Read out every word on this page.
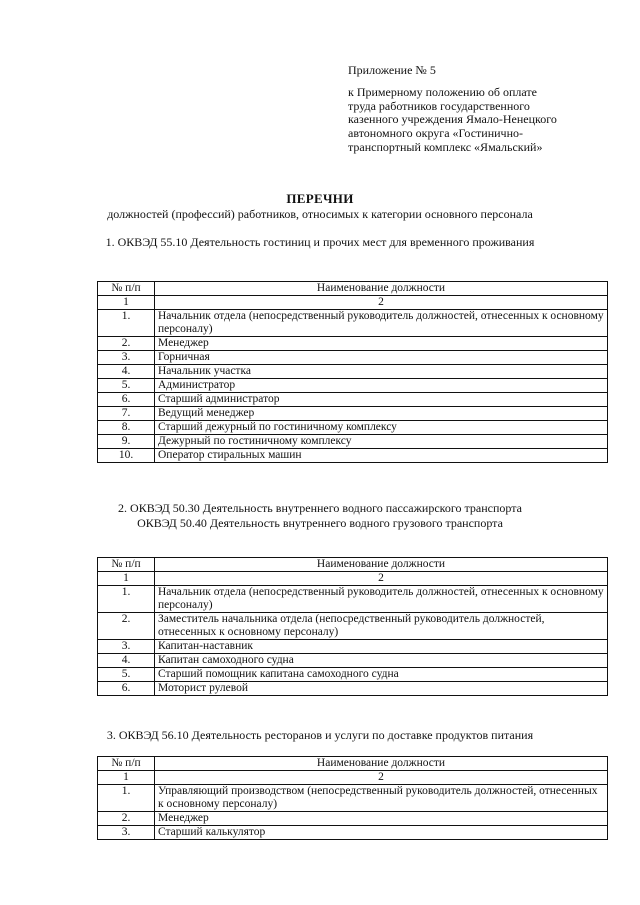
Приложение № 5
к Примерному положению об оплате
труда работников государственного
казенного учреждения Ямало-Ненецкого
автономного округа «Гостинично-
транспортный комплекс «Ямальский»
ПЕРЕЧНИ
должностей (профессий) работников, относимых к категории основного персонала
1. ОКВЭД 55.10 Деятельность гостиниц и прочих мест для временного проживания
№ п/п	Наименование должности
1	2
1.	Начальник отдела (непосредственный руководитель должностей, отнесенных к основному персоналу)
2.	Менеджер
3.	Горничная
4.	Начальник участка
5.	Администратор
6.	Старший администратор
7.	Ведущий менеджер
8.	Старший дежурный по гостиничному комплексу
9.	Дежурный по гостиничному комплексу
10.	Оператор стиральных машин
2. ОКВЭД 50.30 Деятельность внутреннего водного пассажирского транспорта
ОКВЭД 50.40 Деятельность внутреннего водного грузового транспорта
№ п/п	Наименование должности
1	2
1.	Начальник отдела (непосредственный руководитель должностей, отнесенных к основному персоналу)
2.	Заместитель начальника отдела (непосредственный руководитель должностей, отнесенных к основному персоналу)
3.	Капитан-наставник
4.	Капитан самоходного судна
5.	Старший помощник капитана самоходного судна
6.	Моторист рулевой
3. ОКВЭД 56.10 Деятельность ресторанов и услуги по доставке продуктов питания
№ п/п	Наименование должности
1	2
1.	Управляющий производством (непосредственный руководитель должностей, отнесенных к основному персоналу)
2.	Менеджер
3.	Старший калькулятор
